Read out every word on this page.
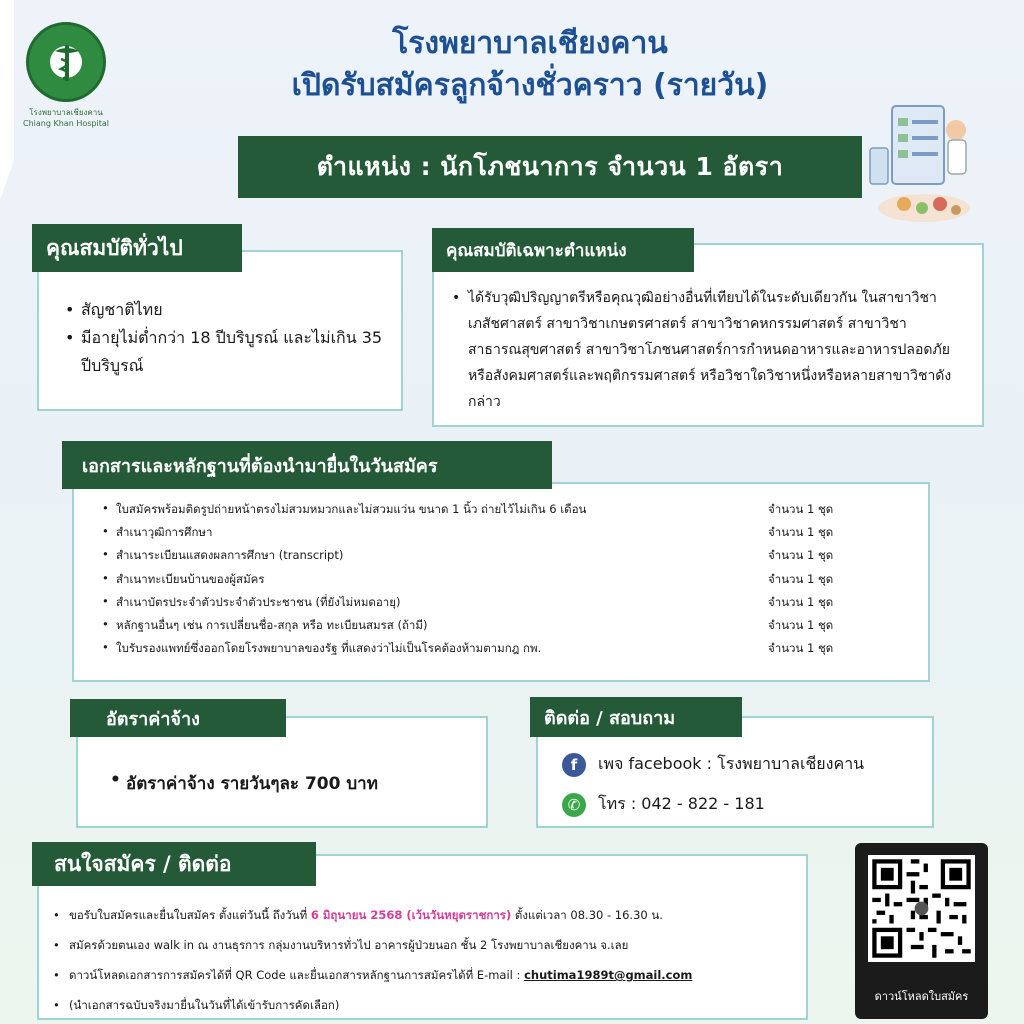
โรงพยาบาลเชียงคาน
Chiang Khan Hospital
โรงพยาบาลเชียงคาน
เปิดรับสมัครลูกจ้างชั่วคราว (รายวัน)
ตำแหน่ง : นักโภชนาการ จำนวน 1 อัตรา
• สัญชาติไทย
• มีอายุไม่ต่ำกว่า 18 ปีบริบูรณ์ และไม่เกิน 35 ปีบริบูรณ์
คุณสมบัติทั่วไป
• ได้รับวุฒิปริญญาตรีหรือคุณวุฒิอย่างอื่นที่เทียบได้ในระดับเดียวกัน ในสาขาวิชาเภสัชศาสตร์ สาขาวิชาเกษตรศาสตร์ สาขาวิชาคหกรรมศาสตร์ สาขาวิชาสาธารณสุขศาสตร์ สาขาวิชาโภชนศาสตร์การกำหนดอาหารและอาหารปลอดภัย หรือสังคมศาสตร์และพฤติกรรมศาสตร์ หรือวิชาใดวิชาหนึ่งหรือหลายสาขาวิชาดังกล่าว
คุณสมบัติเฉพาะตำแหน่ง
• ใบสมัครพร้อมติดรูปถ่ายหน้าตรงไม่สวมหมวกและไม่สวมแว่น ขนาด 1 นิ้ว ถ่ายไว้ไม่เกิน 6 เดือน	จำนวน 1 ชุด
• สำเนาวุฒิการศึกษา	จำนวน 1 ชุด
• สำเนาระเบียนแสดงผลการศึกษา (transcript)	จำนวน 1 ชุด
• สำเนาทะเบียนบ้านของผู้สมัคร	จำนวน 1 ชุด
• สำเนาบัตรประจำตัวประจำตัวประชาชน (ที่ยังไม่หมดอายุ)	จำนวน 1 ชุด
• หลักฐานอื่นๆ เช่น การเปลี่ยนชื่อ-สกุล หรือ ทะเบียนสมรส (ถ้ามี)	จำนวน 1 ชุด
• ใบรับรองแพทย์ซึ่งออกโดยโรงพยาบาลของรัฐ ที่แสดงว่าไม่เป็นโรคต้องห้ามตามกฎ กพ.	จำนวน 1 ชุด
เอกสารและหลักฐานที่ต้องนำมายื่นในวันสมัคร
• อัตราค่าจ้าง รายวันๆละ 700 บาท
อัตราค่าจ้าง
f	เพจ facebook : โรงพยาบาลเชียงคาน
✆	โทร : 042 - 822 - 181
ติดต่อ / สอบถาม
• ขอรับใบสมัครและยื่นใบสมัคร ตั้งแต่วันนี้ ถึงวันที่ 6 มิถุนายน 2568 (เว้นวันหยุดราชการ) ตั้งแต่เวลา 08.30 - 16.30 น.
• สมัครด้วยตนเอง walk in ณ งานธุรการ กลุ่มงานบริหารทั่วไป อาคารผู้ป่วยนอก ชั้น 2 โรงพยาบาลเชียงคาน จ.เลย
• ดาวน์โหลดเอกสารการสมัครได้ที่ QR Code และยื่นเอกสารหลักฐานการสมัครได้ที่ E-mail : chutima1989t@gmail.com
• (นำเอกสารฉบับจริงมายื่นในวันที่ได้เข้ารับการคัดเลือก)
สนใจสมัคร / ติดต่อ
ดาวน์โหลดใบสมัคร
